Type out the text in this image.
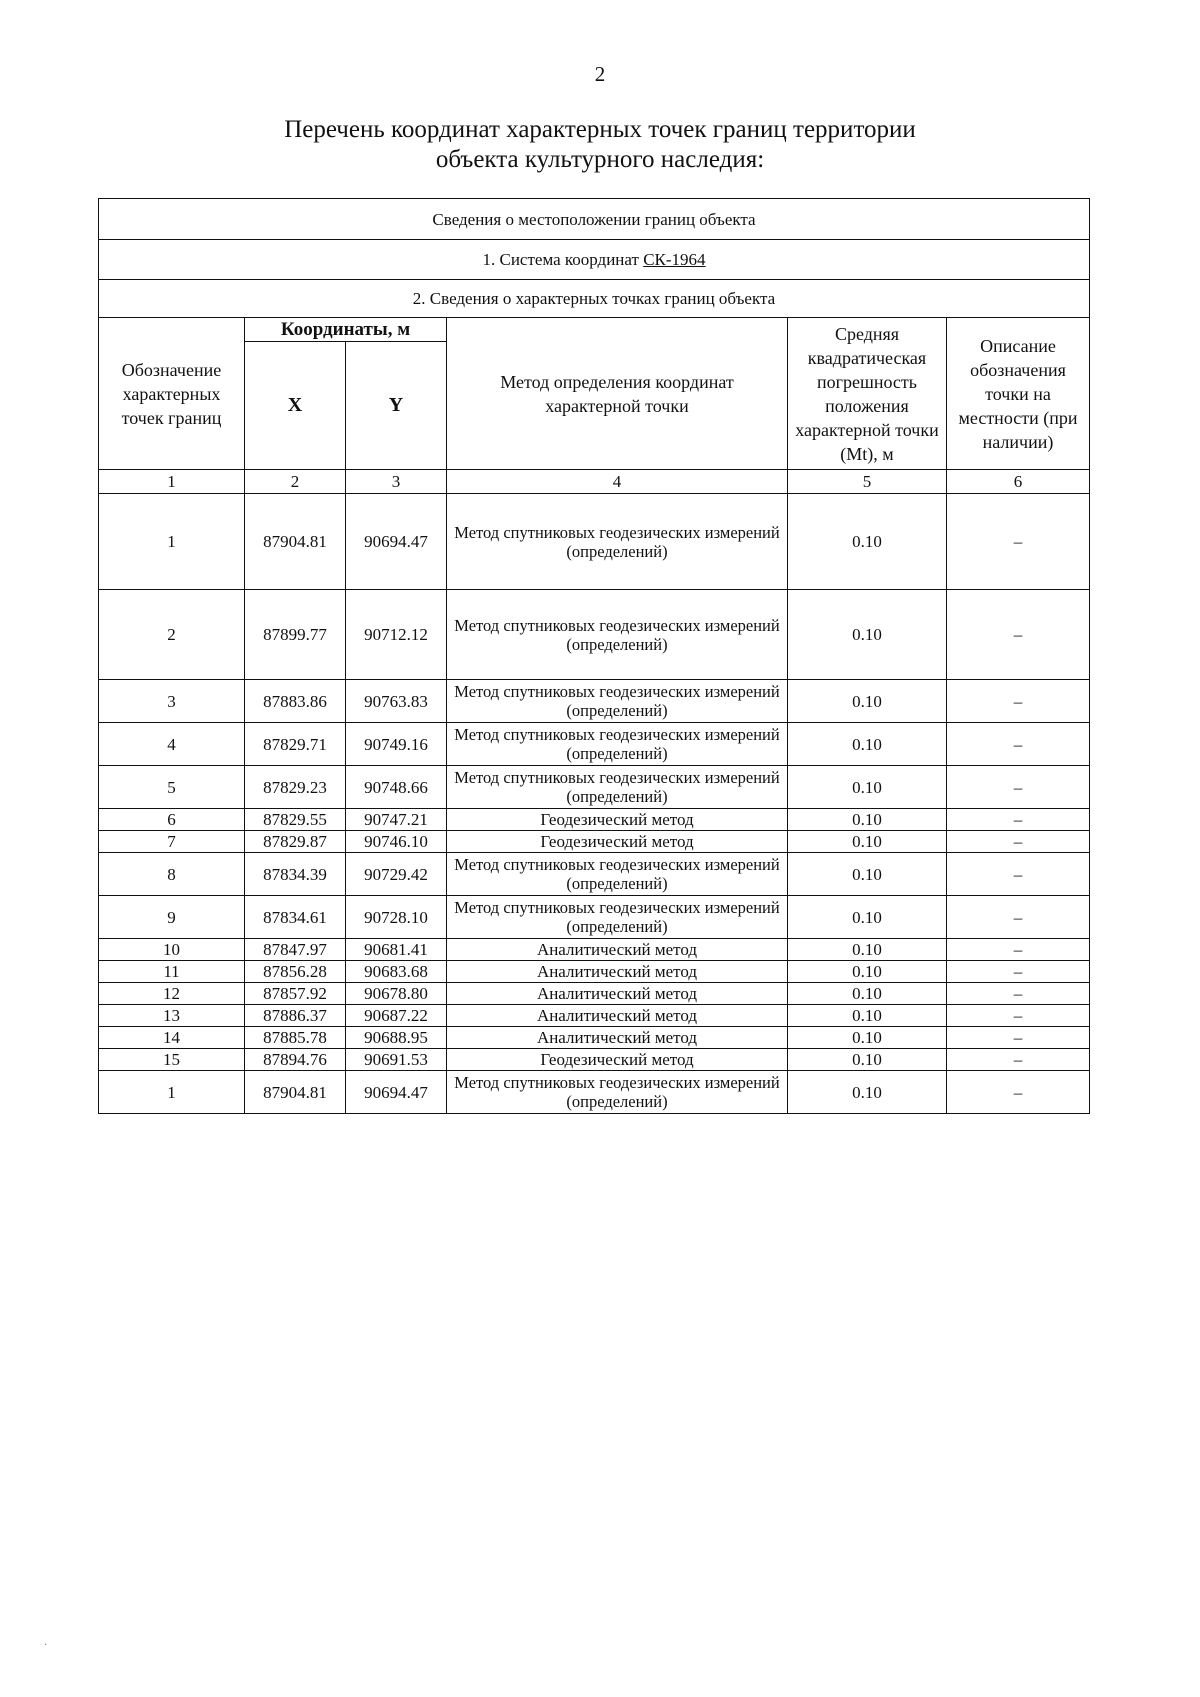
2
Перечень координат характерных точек границ территории
объекта культурного наследия:
Сведения о местоположении границ объекта					
1. Система координат СК-1964					
2. Сведения о характерных точках границ объекта					
Обозначение характерных точек границ	Координаты, м		Метод определения координат характерной точки	Средняя квадратическая погрешность положения характерной точки (Мt), м	Описание обозначения точки на местности (при наличии)
	X	Y			
1	2	3	4	5	6
1	87904.81	90694.47	Метод спутниковых геодезических измерений (определений)	0.10	–
2	87899.77	90712.12	Метод спутниковых геодезических измерений (определений)	0.10	–
3	87883.86	90763.83	Метод спутниковых геодезических измерений (определений)	0.10	–
4	87829.71	90749.16	Метод спутниковых геодезических измерений (определений)	0.10	–
5	87829.23	90748.66	Метод спутниковых геодезических измерений (определений)	0.10	–
6	87829.55	90747.21	Геодезический метод	0.10	–
7	87829.87	90746.10	Геодезический метод	0.10	–
8	87834.39	90729.42	Метод спутниковых геодезических измерений (определений)	0.10	–
9	87834.61	90728.10	Метод спутниковых геодезических измерений (определений)	0.10	–
10	87847.97	90681.41	Аналитический метод	0.10	–
11	87856.28	90683.68	Аналитический метод	0.10	–
12	87857.92	90678.80	Аналитический метод	0.10	–
13	87886.37	90687.22	Аналитический метод	0.10	–
14	87885.78	90688.95	Аналитический метод	0.10	–
15	87894.76	90691.53	Геодезический метод	0.10	–
1	87904.81	90694.47	Метод спутниковых геодезических измерений (определений)	0.10	–
·
